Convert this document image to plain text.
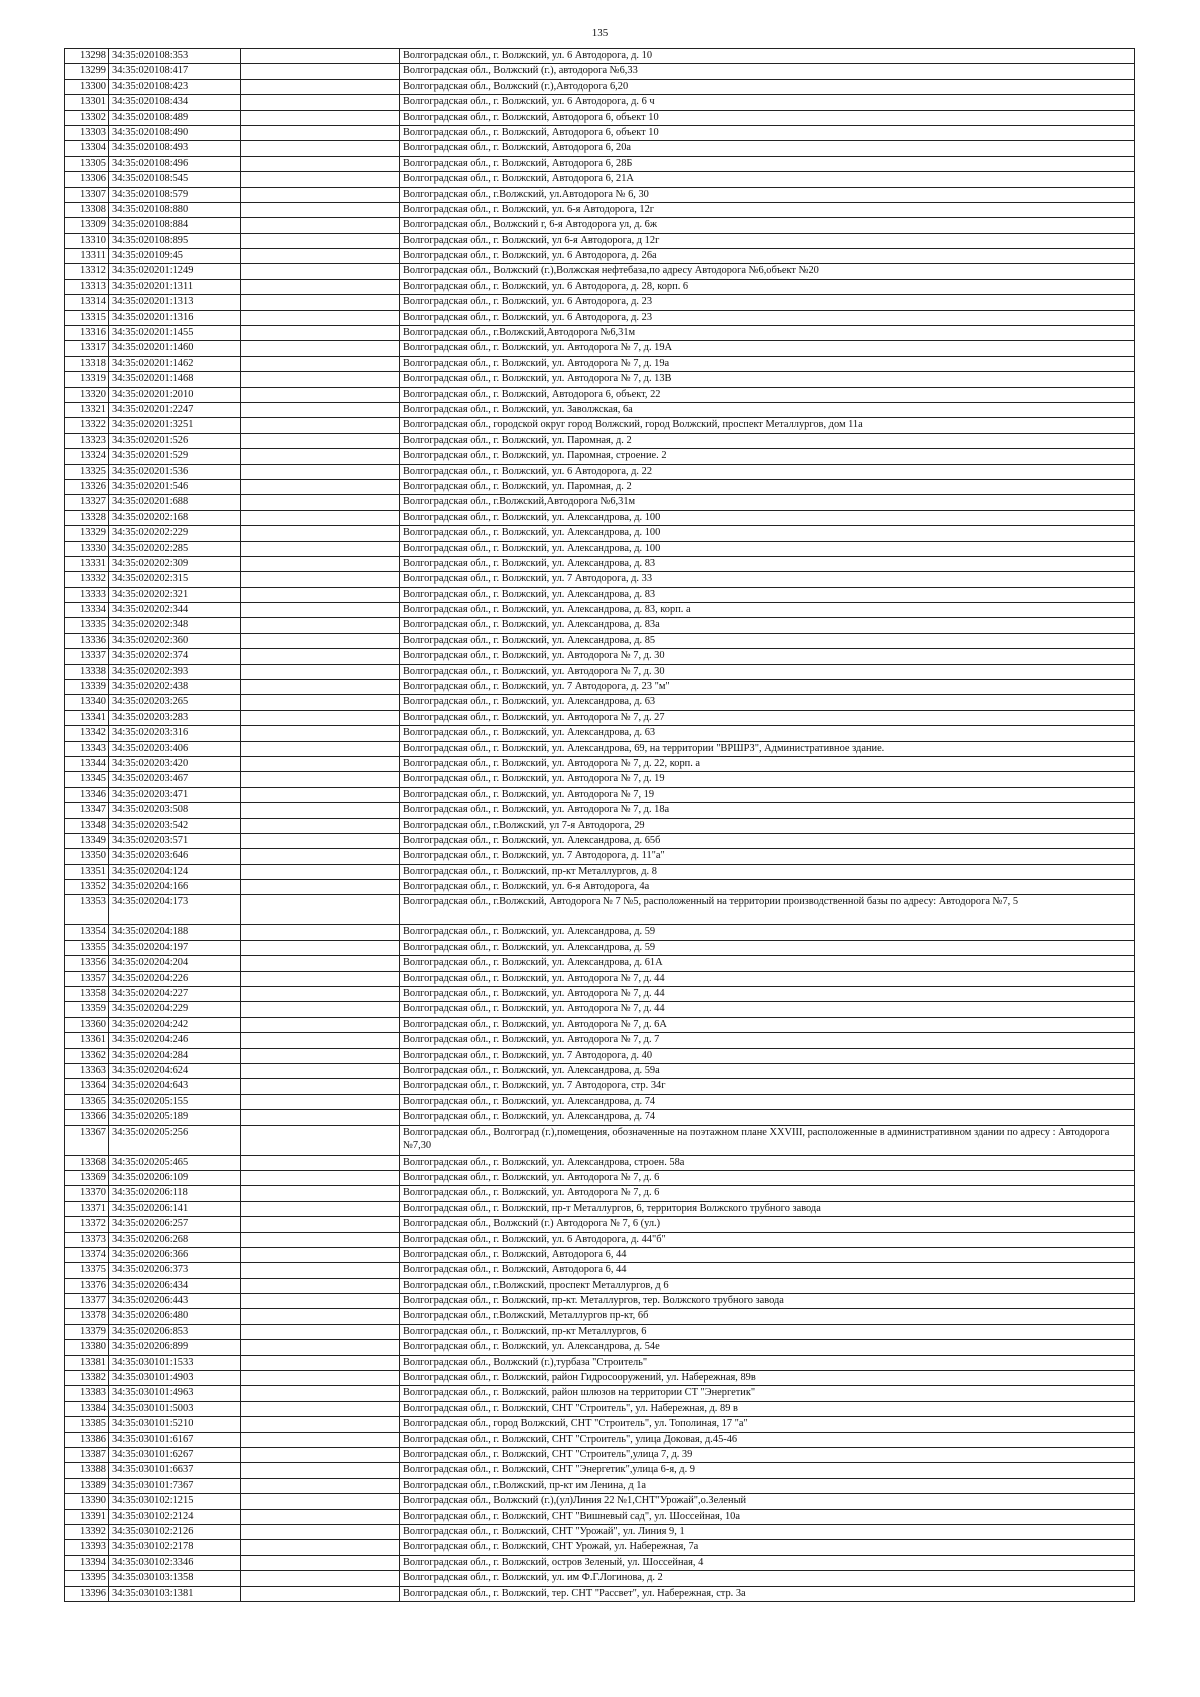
135
13298	34:35:020108:353		Волгоградская обл., г. Волжский, ул. 6 Автодорога, д. 10
13299	34:35:020108:417		Волгоградская обл., Волжский (г.), автодорога №6,33
13300	34:35:020108:423		Волгоградская обл., Волжский (г.),Автодорога 6,20
13301	34:35:020108:434		Волгоградская обл., г. Волжский, ул. 6 Автодорога, д. 6 ч
13302	34:35:020108:489		Волгоградская обл., г. Волжский, Автодорога 6, объект 10
13303	34:35:020108:490		Волгоградская обл., г. Волжский, Автодорога 6, объект 10
13304	34:35:020108:493		Волгоградская обл., г. Волжский, Автодорога 6, 20а
13305	34:35:020108:496		Волгоградская обл., г. Волжский, Автодорога 6, 28Б
13306	34:35:020108:545		Волгоградская обл., г. Волжский, Автодорога 6, 21А
13307	34:35:020108:579		Волгоградская обл., г.Волжский, ул.Автодорога № 6, 30
13308	34:35:020108:880		Волгоградская обл., г. Волжский, ул. 6-я Автодорога, 12г
13309	34:35:020108:884		Волгоградская обл., Волжский г, 6-я Автодорога ул, д. 6ж
13310	34:35:020108:895		Волгоградская обл., г. Волжский, ул 6-я Автодорога, д 12г
13311	34:35:020109:45		Волгоградская обл., г. Волжский, ул. 6 Автодорога, д. 26а
13312	34:35:020201:1249		Волгоградская обл., Волжский (г.),Волжская нефтебаза,по адресу Автодорога №6,объект №20
13313	34:35:020201:1311		Волгоградская обл., г. Волжский, ул. 6 Автодорога, д. 28, корп. 6
13314	34:35:020201:1313		Волгоградская обл., г. Волжский, ул. 6 Автодорога, д. 23
13315	34:35:020201:1316		Волгоградская обл., г. Волжский, ул. 6 Автодорога, д. 23
13316	34:35:020201:1455		Волгоградская обл., г.Волжский,Автодорога №6,31м
13317	34:35:020201:1460		Волгоградская обл., г. Волжский, ул. Автодорога № 7, д. 19А
13318	34:35:020201:1462		Волгоградская обл., г. Волжский, ул. Автодорога № 7, д. 19а
13319	34:35:020201:1468		Волгоградская обл., г. Волжский, ул. Автодорога № 7, д. 13В
13320	34:35:020201:2010		Волгоградская обл., г. Волжский, Автодорога 6, объект, 22
13321	34:35:020201:2247		Волгоградская обл., г. Волжский, ул. Заволжская, 6а
13322	34:35:020201:3251		Волгоградская обл., городской округ город Волжский, город Волжский, проспект Металлургов, дом 11а
13323	34:35:020201:526		Волгоградская обл., г. Волжский, ул. Паромная, д. 2
13324	34:35:020201:529		Волгоградская обл., г. Волжский, ул. Паромная, строение. 2
13325	34:35:020201:536		Волгоградская обл., г. Волжский, ул. 6 Автодорога, д. 22
13326	34:35:020201:546		Волгоградская обл., г. Волжский, ул. Паромная, д. 2
13327	34:35:020201:688		Волгоградская обл., г.Волжский,Автодорога №6,31м
13328	34:35:020202:168		Волгоградская обл., г. Волжский, ул. Александрова, д. 100
13329	34:35:020202:229		Волгоградская обл., г. Волжский, ул. Александрова, д. 100
13330	34:35:020202:285		Волгоградская обл., г. Волжский, ул. Александрова, д. 100
13331	34:35:020202:309		Волгоградская обл., г. Волжский, ул. Александрова, д. 83
13332	34:35:020202:315		Волгоградская обл., г. Волжский, ул. 7 Автодорога, д. 33
13333	34:35:020202:321		Волгоградская обл., г. Волжский, ул. Александрова, д. 83
13334	34:35:020202:344		Волгоградская обл., г. Волжский, ул. Александрова, д. 83, корп. а
13335	34:35:020202:348		Волгоградская обл., г. Волжский, ул. Александрова, д. 83а
13336	34:35:020202:360		Волгоградская обл., г. Волжский, ул. Александрова, д. 85
13337	34:35:020202:374		Волгоградская обл., г. Волжский, ул. Автодорога № 7, д. 30
13338	34:35:020202:393		Волгоградская обл., г. Волжский, ул. Автодорога № 7, д. 30
13339	34:35:020202:438		Волгоградская обл., г. Волжский, ул. 7 Автодорога, д. 23 "м"
13340	34:35:020203:265		Волгоградская обл., г. Волжский, ул. Александрова, д. 63
13341	34:35:020203:283		Волгоградская обл., г. Волжский, ул. Автодорога № 7, д. 27
13342	34:35:020203:316		Волгоградская обл., г. Волжский, ул. Александрова, д. 63
13343	34:35:020203:406		Волгоградская обл., г. Волжский, ул. Александрова, 69, на территории "ВРШРЗ", Административное здание.
13344	34:35:020203:420		Волгоградская обл., г. Волжский, ул. Автодорога № 7, д. 22, корп. а
13345	34:35:020203:467		Волгоградская обл., г. Волжский, ул. Автодорога № 7, д. 19
13346	34:35:020203:471		Волгоградская обл., г. Волжский, ул. Автодорога № 7, 19
13347	34:35:020203:508		Волгоградская обл., г. Волжский, ул. Автодорога № 7, д. 18а
13348	34:35:020203:542		Волгоградская обл., г.Волжский, ул 7-я Автодорога, 29
13349	34:35:020203:571		Волгоградская обл., г. Волжский, ул. Александрова, д. 65б
13350	34:35:020203:646		Волгоградская обл., г. Волжский, ул. 7 Автодорога, д. 11"а"
13351	34:35:020204:124		Волгоградская обл., г. Волжский, пр-кт Металлургов, д. 8
13352	34:35:020204:166		Волгоградская обл., г. Волжский, ул. 6-я Автодорога, 4а
13353	34:35:020204:173		Волгоградская обл., г.Волжский, Автодорога № 7 №5, расположенный на территории производственной базы по адресу: Автодорога №7, 5
13354	34:35:020204:188		Волгоградская обл., г. Волжский, ул. Александрова, д. 59
13355	34:35:020204:197		Волгоградская обл., г. Волжский, ул. Александрова, д. 59
13356	34:35:020204:204		Волгоградская обл., г. Волжский, ул. Александрова, д. 61А
13357	34:35:020204:226		Волгоградская обл., г. Волжский, ул. Автодорога № 7, д. 44
13358	34:35:020204:227		Волгоградская обл., г. Волжский, ул. Автодорога № 7, д. 44
13359	34:35:020204:229		Волгоградская обл., г. Волжский, ул. Автодорога № 7, д. 44
13360	34:35:020204:242		Волгоградская обл., г. Волжский, ул. Автодорога № 7, д. 6А
13361	34:35:020204:246		Волгоградская обл., г. Волжский, ул. Автодорога № 7, д. 7
13362	34:35:020204:284		Волгоградская обл., г. Волжский, ул. 7 Автодорога, д. 40
13363	34:35:020204:624		Волгоградская обл., г. Волжский, ул. Александрова, д. 59а
13364	34:35:020204:643		Волгоградская обл., г. Волжский, ул. 7 Автодорога, стр. 34г
13365	34:35:020205:155		Волгоградская обл., г. Волжский, ул. Александрова, д. 74
13366	34:35:020205:189		Волгоградская обл., г. Волжский, ул. Александрова, д. 74
13367	34:35:020205:256		Волгоградская обл., Волгоград (г.),помещения, обозначенные на поэтажном плане XXVIII, расположенные в административном здании по адресу : Автодорога №7,30
13368	34:35:020205:465		Волгоградская обл., г. Волжский, ул. Александрова, строен. 58а
13369	34:35:020206:109		Волгоградская обл., г. Волжский, ул. Автодорога № 7, д. 6
13370	34:35:020206:118		Волгоградская обл., г. Волжский, ул. Автодорога № 7, д. 6
13371	34:35:020206:141		Волгоградская обл., г. Волжский, пр-т Металлургов, 6, территория Волжского трубного завода
13372	34:35:020206:257		Волгоградская обл., Волжский (г.) Автодорога № 7, 6 (ул.)
13373	34:35:020206:268		Волгоградская обл., г. Волжский, ул. 6 Автодорога, д. 44"б"
13374	34:35:020206:366		Волгоградская обл., г. Волжский, Автодорога 6, 44
13375	34:35:020206:373		Волгоградская обл., г. Волжский, Автодорога 6, 44
13376	34:35:020206:434		Волгоградская обл., г.Волжский, проспект Металлургов, д 6
13377	34:35:020206:443		Волгоградская обл., г. Волжский, пр-кт. Металлургов, тер. Волжского трубного завода
13378	34:35:020206:480		Волгоградская обл., г.Волжский, Металлургов пр-кт, 6б
13379	34:35:020206:853		Волгоградская обл., г. Волжский, пр-кт Металлургов, 6
13380	34:35:020206:899		Волгоградская обл., г. Волжский, ул. Александрова, д. 54е
13381	34:35:030101:1533		Волгоградская обл., Волжский (г.),турбаза "Строитель"
13382	34:35:030101:4903		Волгоградская обл., г. Волжский, район Гидросооружений, ул. Набережная, 89в
13383	34:35:030101:4963		Волгоградская обл., г. Волжский, район шлюзов на территории СТ "Энергетик"
13384	34:35:030101:5003		Волгоградская обл., г. Волжский, СНТ "Строитель", ул. Набережная, д. 89 в
13385	34:35:030101:5210		Волгоградская обл., город Волжский, СНТ "Строитель", ул. Тополиная, 17 "а"
13386	34:35:030101:6167		Волгоградская обл., г. Волжский, СНТ "Строитель", улица Доковая, д.45-46
13387	34:35:030101:6267		Волгоградская обл., г. Волжский, СНТ "Строитель",улица 7, д. 39
13388	34:35:030101:6637		Волгоградская обл., г. Волжский, СНТ "Энергетик",улица 6-я, д. 9
13389	34:35:030101:7367		Волгоградская обл., г.Волжский, пр-кт им Ленина, д 1а
13390	34:35:030102:1215		Волгоградская обл., Волжский (г.),(ул)Линия 22 №1,СНТ"Урожай",о.Зеленый
13391	34:35:030102:2124		Волгоградская обл., г. Волжский, СНТ "Вишневый сад", ул. Шоссейная, 10а
13392	34:35:030102:2126		Волгоградская обл., г. Волжский, СНТ "Урожай", ул. Линия 9, 1
13393	34:35:030102:2178		Волгоградская обл., г. Волжский, СНТ Урожай, ул. Набережная, 7а
13394	34:35:030102:3346		Волгоградская обл., г. Волжский, остров Зеленый, ул. Шоссейная, 4
13395	34:35:030103:1358		Волгоградская обл., г. Волжский, ул. им Ф.Г.Логинова, д. 2
13396	34:35:030103:1381		Волгоградская обл., г. Волжский, тер. СНТ "Рассвет", ул. Набережная, стр. 3а
